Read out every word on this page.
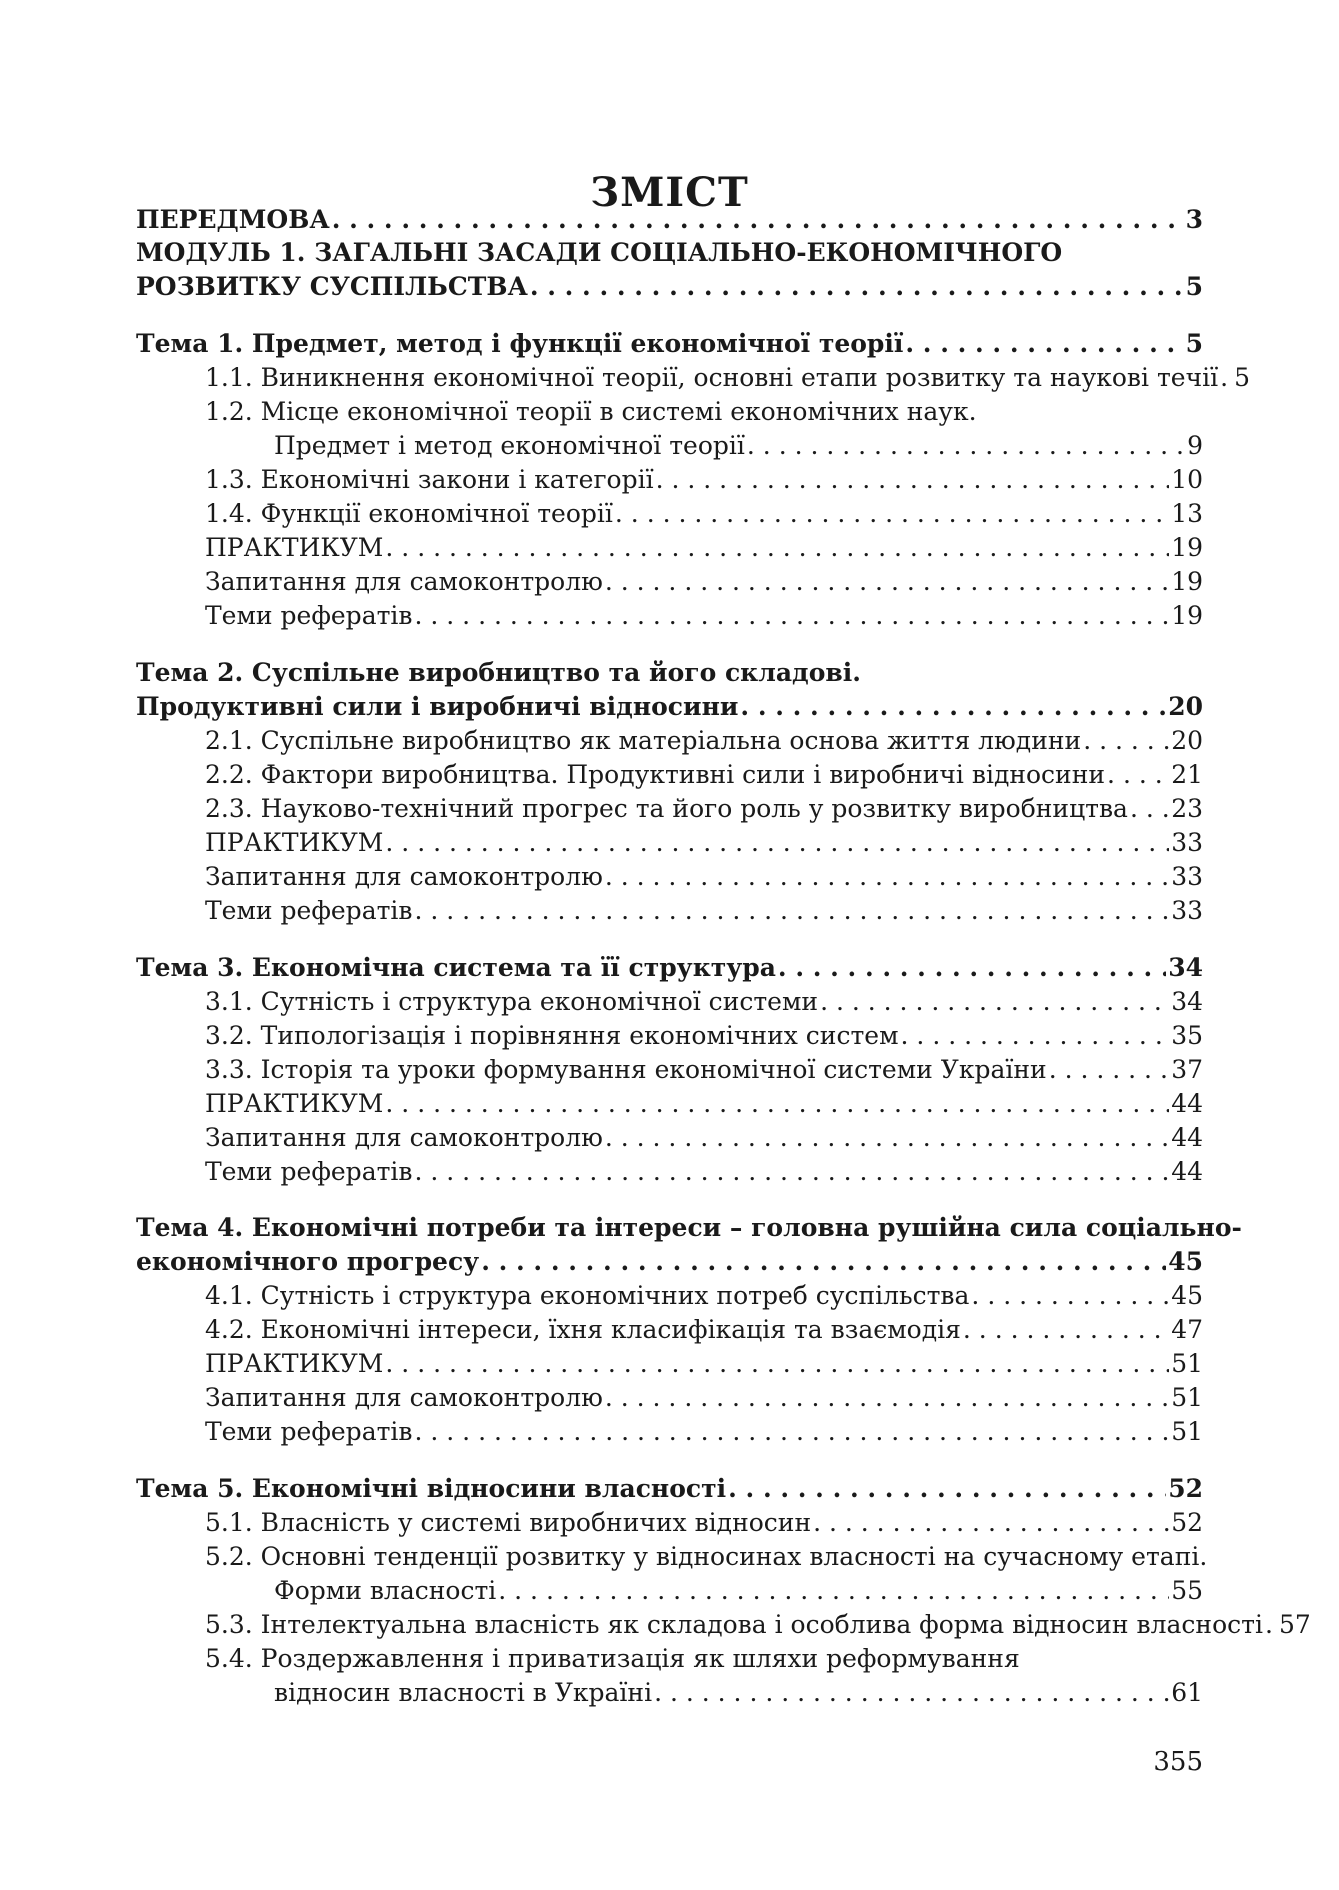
ЗМІСТ
ПЕРЕДМОВА . . .	3
МОДУЛЬ 1. ЗАГАЛЬНІ ЗАСАДИ СОЦІАЛЬНО-ЕКОНОМІЧНОГО
РОЗВИТКУ СУСПІЛЬСТВА . . .	5
Тема 1. Предмет, метод і функції економічної теорії . . .	5
1.1. Виникнення економічної теорії, основні етапи розвитку та наукові течії . . . 5
1.2. Місце економічної теорії в системі економічних наук.
Предмет і метод економічної теорії . . .	9
1.3. Економічні закони і категорії . . .	10
1.4. Функції економічної теорії . . .	13
ПРАКТИКУМ . . .	19
Запитання для самоконтролю . . .	19
Теми рефератів . . .	19
Тема 2. Суспільне виробництво та його складові.
Продуктивні сили і виробничі відносини . . .	20
2.1. Суспільне виробництво як матеріальна основа життя людини . . .	20
2.2. Фактори виробництва. Продуктивні сили і виробничі відносини . . .	21
2.3. Науково-технічний прогрес та його роль у розвитку виробництва . . . 23
ПРАКТИКУМ . . .	33
Запитання для самоконтролю . . .	33
Теми рефератів . . .	33
Тема 3. Економічна система та її структура . . .	34
3.1. Сутність і структура економічної системи . . .	34
3.2. Типологізація і порівняння економічних систем . . .	35
3.3. Історія та уроки формування економічної системи України . . .	37
ПРАКТИКУМ . . .	44
Запитання для самоконтролю . . .	44
Теми рефератів . . .	44
Тема 4. Економічні потреби та інтереси – головна рушійна сила соціально-
економічного прогресу . . .	45
4.1. Сутність і структура економічних потреб суспільства . . .	45
4.2. Економічні інтереси, їхня класифікація та взаємодія . . .	47
ПРАКТИКУМ . . .	51
Запитання для самоконтролю . . .	51
Теми рефератів . . .	51
Тема 5. Економічні відносини власності . . .	52
5.1. Власність у системі виробничих відносин . . .	52
5.2. Основні тенденції розвитку у відносинах власності на сучасному етапі.
Форми власності . . .	55
5.3. Інтелектуальна власність як складова і особлива форма відносин власності . . . 57
5.4. Роздержавлення і приватизація як шляхи реформування
відносин власності в Україні . . .	61
355
